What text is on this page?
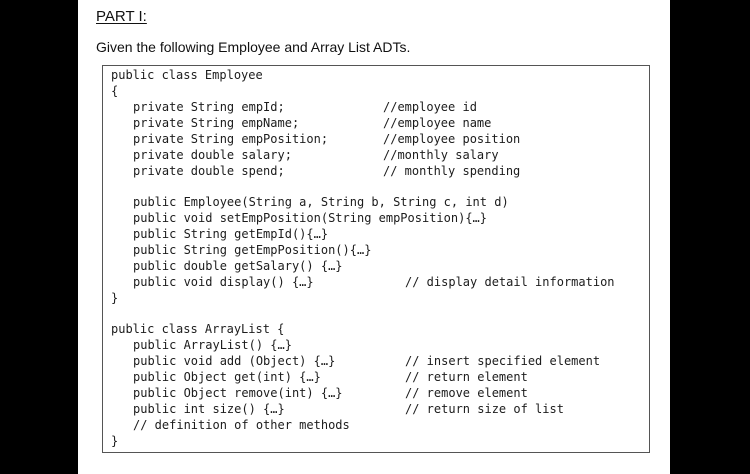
PART I:
Given the following Employee and Array List ADTs.
public class Employee
{
private String empId;	//employee id
private String empName;	//employee name
private String empPosition;	//employee position
private double salary;	//monthly salary
private double spend;	// monthly spending
public Employee(String a, String b, String c, int d)
public void setEmpPosition(String empPosition){…}
public String getEmpId(){…}
public String getEmpPosition(){…}
public double getSalary() {…}
public void display() {…}	// display detail information
}
public class ArrayList {
public ArrayList() {…}
public void add (Object) {…}	// insert specified element
public Object get(int) {…}	// return element
public Object remove(int) {…}	// remove element
public int size() {…}	// return size of list
// definition of other methods
}
